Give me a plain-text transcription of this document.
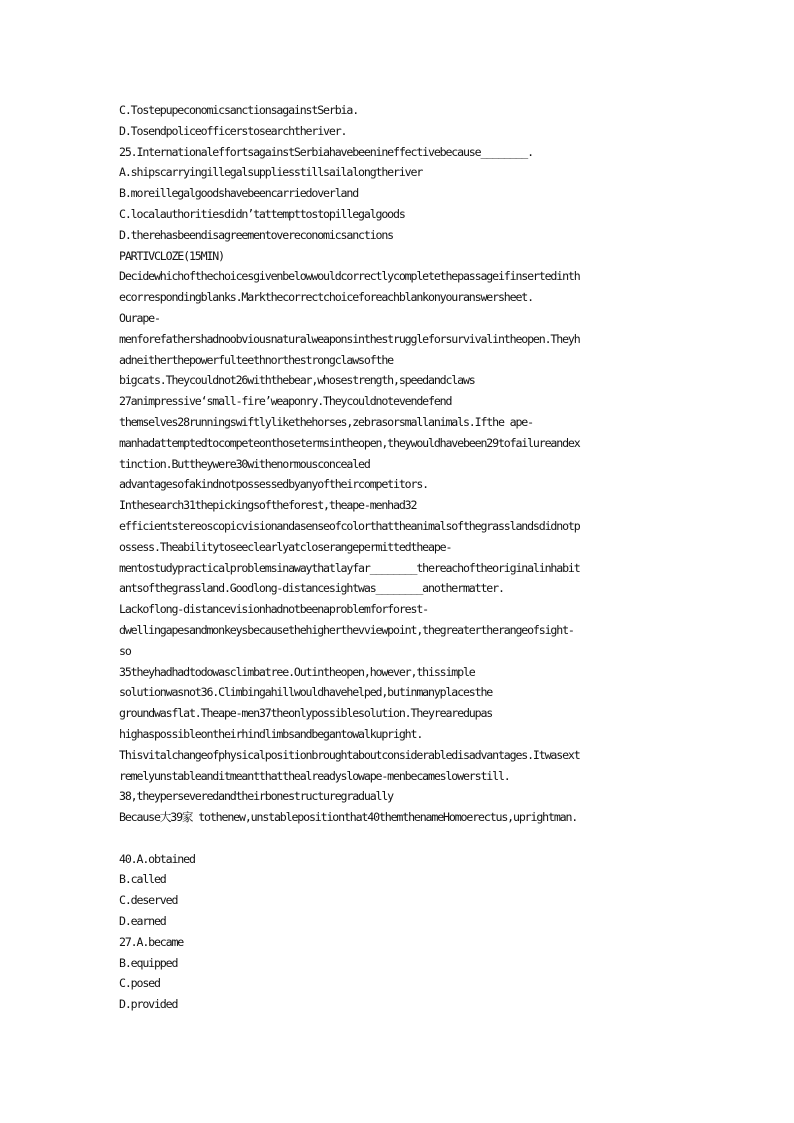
C.TostepupeconomicsanctionsagainstSerbia.
D.Tosendpoliceofficerstosearchtheriver.
25.InternationaleffortsagainstSerbiahavebeenineffectivebecause________.
A.shipscarryingillegalsuppliesstillsailalongtheriver
B.moreillegalgoodshavebeencarriedoverland
C.localauthoritiesdidn’tattempttostopillegalgoods
D.therehasbeendisagreementovereconomicsanctions
PARTIVCLOZE(15MIN)
Decidewhichofthechoicesgivenbelowwouldcorrectlycompletethepassageifinsertedinth
ecorrespondingblanks.Markthecorrectchoiceforeachblankonyouranswersheet.
Ourape-
menforefathershadnoobviousnaturalweaponsinthestruggleforsurvivalintheopen.Theyh
adneitherthepowerfulteethnorthestrongclawsofthe
bigcats.Theycouldnot26withthebear,whosestrength,speedandclaws
27animpressive‘small-fire’weaponry.Theycouldnotevendefend
themselves28runningswiftlylikethehorses,zebrasorsmallanimals.Ifthe ape-
manhadattemptedtocompeteonthosetermsintheopen,theywouldhavebeen29tofailureandex
tinction.Buttheywere30withenormousconcealed
advantagesofakindnotpossessedbyanyoftheircompetitors.
Inthesearch31thepickingsoftheforest,theape-menhad32
efficientstereoscopicvisionandasenseofcolorthattheanimalsofthegrasslandsdidnotp
ossess.Theabilitytoseeclearlyatcloserangepermittedtheape-
mentostudypracticalproblemsinawaythatlayfar________thereachoftheoriginalinhabit
antsofthegrassland.Goodlong-distancesightwas________anothermatter.
Lackoflong-distancevisionhadnotbeenaproblemforforest-
dwellingapesandmonkeysbecausethehigherthevviewpoint,thegreatertherangeofsight-
so
35theyhadhadtodowasclimbatree.Outintheopen,however,thissimple
solutionwasnot36.Climbingahillwouldhavehelped,butinmanyplacesthe
groundwasflat.Theape-men37theonlypossiblesolution.Theyrearedupas
highaspossibleontheirhindlimbsandbegantowalkupright.
Thisvitalchangeofphysicalpositionbroughtaboutconsiderabledisadvantages.Itwasext
remelyunstableanditmeantthatthealreadyslowape-menbecameslowerstill.
38,theyperseveredandtheirbonestructuregradually
Because大39家 tothenew,unstablepositionthat40themthenameHomoerectus,uprightman.
40.A.obtained
B.called
C.deserved
D.earned
27.A.became
B.equipped
C.posed
D.provided
